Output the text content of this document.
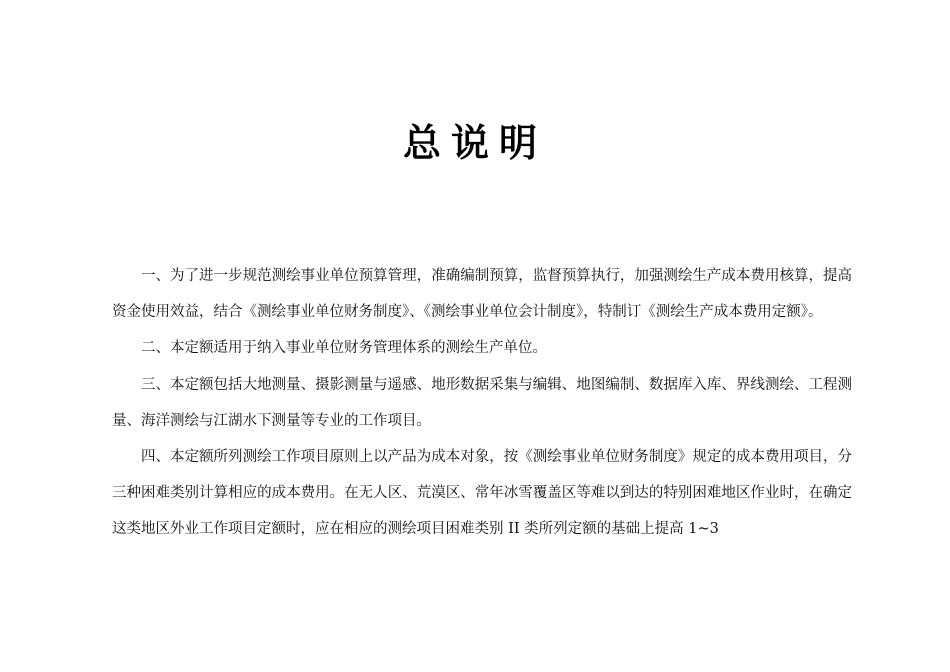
总说明

一、为了进一步规范测绘事业单位预算管理，准确编制预算，监督预算执行，加强测绘生产成本费用核算，提高资金使用效益，结合《测绘事业单位财务制度》、《测绘事业单位会计制度》，特制订《测绘生产成本费用定额》。

二、本定额适用于纳入事业单位财务管理体系的测绘生产单位。

三、本定额包括大地测量、摄影测量与遥感、地形数据采集与编辑、地图编制、数据库入库、界线测绘、工程测量、海洋测绘与江湖水下测量等专业的工作项目。

四、本定额所列测绘工作项目原则上以产品为成本对象，按《测绘事业单位财务制度》规定的成本费用项目，分三种困难类别计算相应的成本费用。在无人区、荒漠区、常年冰雪覆盖区等难以到达的特别困难地区作业时，在确定这类地区外业工作项目定额时，应在相应的测绘项目困难类别 II 类所列定额的基础上提高 1~3
